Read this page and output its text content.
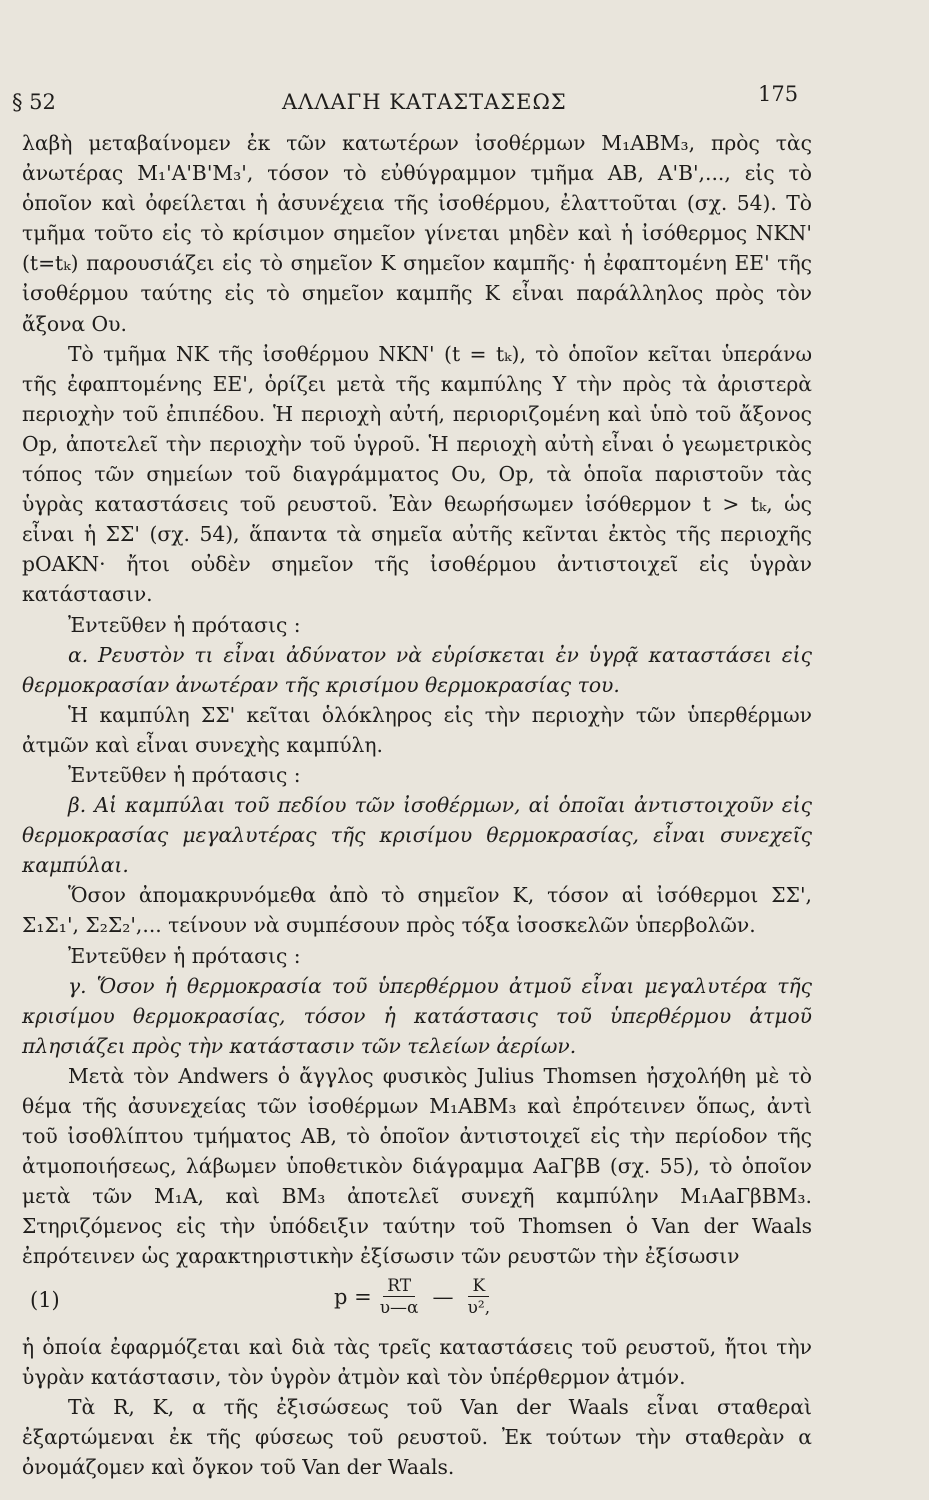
§ 52	ΑΛΛΑΓΗ ΚΑΤΑΣΤΑΣΕΩΣ	175

λαβὴ μεταβαίνομεν ἐκ τῶν κατωτέρων ἰσοθέρμων M₁ABM₃, πρὸς τὰς ἀνωτέρας M₁'A'B'M₃', τόσον τὸ εὐθύγραμμον τμῆμα AB, A'B',..., εἰς τὸ ὁποῖον καὶ ὀφείλεται ἡ ἀσυνέχεια τῆς ἰσοθέρμου, ἐλαττοῦται (σχ. 54). Τὸ τμῆμα τοῦτο εἰς τὸ κρίσιμον σημεῖον γίνεται μηδὲν καὶ ἡ ἰσόθερμος NKN' (t=tₖ) παρουσιάζει εἰς τὸ σημεῖον K σημεῖον καμπῆς· ἡ ἐφαπτομένη EE' τῆς ἰσοθέρμου ταύτης εἰς τὸ σημεῖον καμπῆς K εἶναι παράλληλος πρὸς τὸν ἄξονα Oυ.

Τὸ τμῆμα NK τῆς ἰσοθέρμου NKN' (t = tₖ), τὸ ὁποῖον κεῖται ὑπεράνω τῆς ἐφαπτομένης EE', ὁρίζει μετὰ τῆς καμπύλης Y τὴν πρὸς τὰ ἀριστερὰ περιοχὴν τοῦ ἐπιπέδου. Ἡ περιοχὴ αὐτή, περιοριζομένη καὶ ὑπὸ τοῦ ἄξονος Op, ἀποτελεῖ τὴν περιοχὴν τοῦ ὑγροῦ. Ἡ περιοχὴ αὐτὴ εἶναι ὁ γεωμετρικὸς τόπος τῶν σημείων τοῦ διαγράμματος Oυ, Op, τὰ ὁποῖα παριστοῦν τὰς ὑγρὰς καταστάσεις τοῦ ρευστοῦ. Ἐὰν θεωρήσωμεν ἰσόθερμον t > tₖ, ὡς εἶναι ἡ ΣΣ' (σχ. 54), ἅπαντα τὰ σημεῖα αὐτῆς κεῖνται ἐκτὸς τῆς περιοχῆς pOAKN· ἤτοι οὐδὲν σημεῖον τῆς ἰσοθέρμου ἀντιστοιχεῖ εἰς ὑγρὰν κατάστασιν.

Ἐντεῦθεν ἡ πρότασις :

α. Ρευστὸν τι εἶναι ἀδύνατον νὰ εὑρίσκεται ἐν ὑγρᾷ καταστάσει εἰς θερμοκρασίαν ἀνωτέραν τῆς κρισίμου θερμοκρασίας του.

Ἡ καμπύλη ΣΣ' κεῖται ὁλόκληρος εἰς τὴν περιοχὴν τῶν ὑπερθέρμων ἀτμῶν καὶ εἶναι συνεχὴς καμπύλη.

Ἐντεῦθεν ἡ πρότασις :

β. Αἱ καμπύλαι τοῦ πεδίου τῶν ἰσοθέρμων, αἱ ὁποῖαι ἀντιστοιχοῦν εἰς θερμοκρασίας μεγαλυτέρας τῆς κρισίμου θερμοκρασίας, εἶναι συνεχεῖς καμπύλαι.

Ὅσον ἀπομακρυνόμεθα ἀπὸ τὸ σημεῖον K, τόσον αἱ ἰσόθερμοι ΣΣ', Σ₁Σ₁', Σ₂Σ₂',... τείνουν νὰ συμπέσουν πρὸς τόξα ἰσοσκελῶν ὑπερβολῶν.

Ἐντεῦθεν ἡ πρότασις :

γ. Ὅσον ἡ θερμοκρασία τοῦ ὑπερθέρμου ἀτμοῦ εἶναι μεγαλυτέρα τῆς κρισίμου θερμοκρασίας, τόσον ἡ κατάστασις τοῦ ὑπερθέρμου ἀτμοῦ πλησιάζει πρὸς τὴν κατάστασιν τῶν τελείων ἀερίων.

Μετὰ τὸν Andwers ὁ ἄγγλος φυσικὸς Julius Thomsen ἠσχολήθη μὲ τὸ θέμα τῆς ἀσυνεχείας τῶν ἰσοθέρμων M₁ABM₃ καὶ ἐπρότεινεν ὅπως, ἀντὶ τοῦ ἰσοθλίπτου τμήματος AB, τὸ ὁποῖον ἀντιστοιχεῖ εἰς τὴν περίοδον τῆς ἀτμοποιήσεως, λάβωμεν ὑποθετικὸν διάγραμμα AaΓβB (σχ. 55), τὸ ὁποῖον μετὰ τῶν M₁A, καὶ BM₃ ἀποτελεῖ συνεχῆ καμπύλην M₁AaΓβBM₃. Στηριζόμενος εἰς τὴν ὑπόδειξιν ταύτην τοῦ Thomsen ὁ Van der Waals ἐπρότεινεν ὡς χαρακτηριστικὴν ἐξίσωσιν τῶν ρευστῶν τὴν ἐξίσωσιν

(1)	$p = \frac{RT}{\upsilon—\alpha}$ — $\frac{K}{\text{υ²,}}$

ἡ ὁποία ἐφαρμόζεται καὶ διὰ τὰς τρεῖς καταστάσεις τοῦ ρευστοῦ, ἤτοι τὴν ὑγρὰν κατάστασιν, τὸν ὑγρὸν ἀτμὸν καὶ τὸν ὑπέρθερμον ἀτμόν.

Τὰ R, K, α τῆς ἐξισώσεως τοῦ Van der Waals εἶναι σταθεραὶ ἐξαρτώμεναι ἐκ τῆς φύσεως τοῦ ρευστοῦ. Ἐκ τούτων τὴν σταθερὰν α ὀνομάζομεν καὶ ὄγκον τοῦ Van der Waals.
